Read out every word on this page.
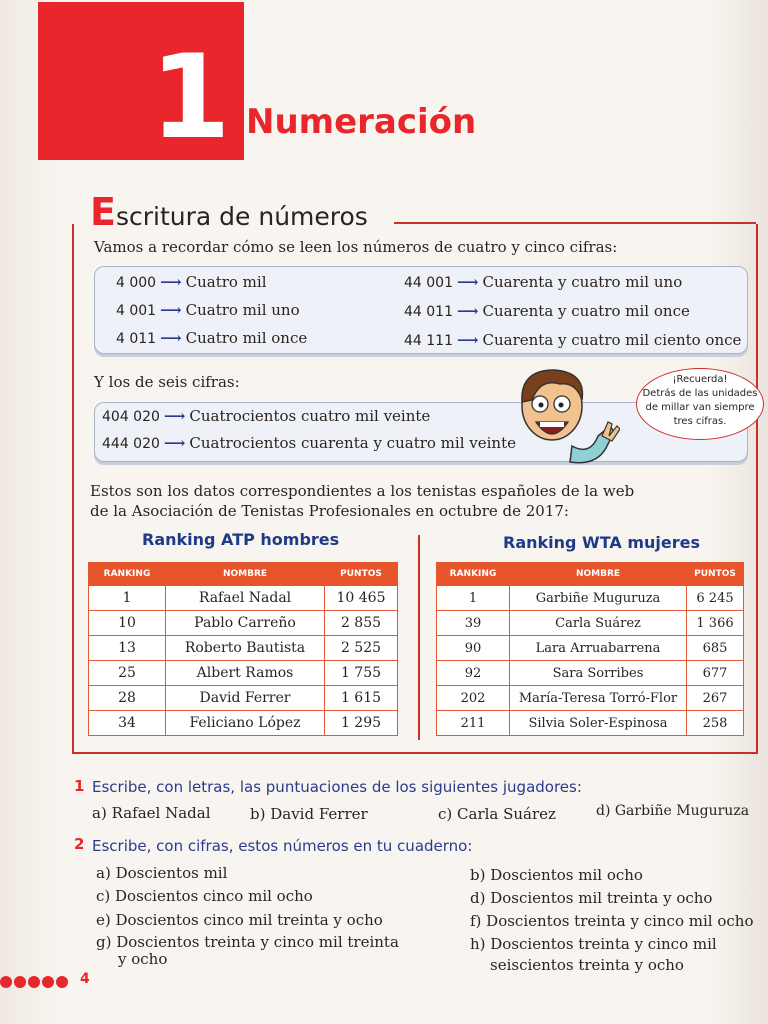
1 Numeración
Escritura de números
Vamos a recordar cómo se leen los números de cuatro y cinco cifras:
4 000 ⟶ Cuatro mil
4 001 ⟶ Cuatro mil uno
4 011 ⟶ Cuatro mil once
44 001 ⟶ Cuarenta y cuatro mil uno
44 011 ⟶ Cuarenta y cuatro mil once
44 111 ⟶ Cuarenta y cuatro mil ciento once
Y los de seis cifras:
404 020 ⟶ Cuatrocientos cuatro mil veinte
444 020 ⟶ Cuatrocientos cuarenta y cuatro mil veinte
¡Recuerda!
Detrás de las unidades
de millar van siempre
tres cifras.
Estos son los datos correspondientes a los tenistas españoles de la web
de la Asociación de Tenistas Profesionales en octubre de 2017:
Ranking ATP hombres	Ranking WTA mujeres
RANKING	NOMBRE	PUNTOS
1	Rafael Nadal	10 465
10	Pablo Carreño	2 855
13	Roberto Bautista	2 525
25	Albert Ramos	1 755
28	David Ferrer	1 615
34	Feliciano López	1 295
RANKING	NOMBRE	PUNTOS
1	Garbiñe Muguruza	6 245
39	Carla Suárez	1 366
90	Lara Arruabarrena	685
92	Sara Sorribes	677
202	María-Teresa Torró-Flor	267
211	Silvia Soler-Espinosa	258
1 Escribe, con letras, las puntuaciones de los siguientes jugadores:
a) Rafael Nadal	b) David Ferrer	c) Carla Suárez	d) Garbiñe Muguruza
2 Escribe, con cifras, estos números en tu cuaderno:
a) Doscientos mil	b) Doscientos mil ocho
c) Doscientos cinco mil ocho	d) Doscientos mil treinta y ocho
e) Doscientos cinco mil treinta y ocho	f) Doscientos treinta y cinco mil ocho
g) Doscientos treinta y cinco mil treinta
y ocho
h) Doscientos treinta y cinco mil
seiscientos treinta y ocho
4
